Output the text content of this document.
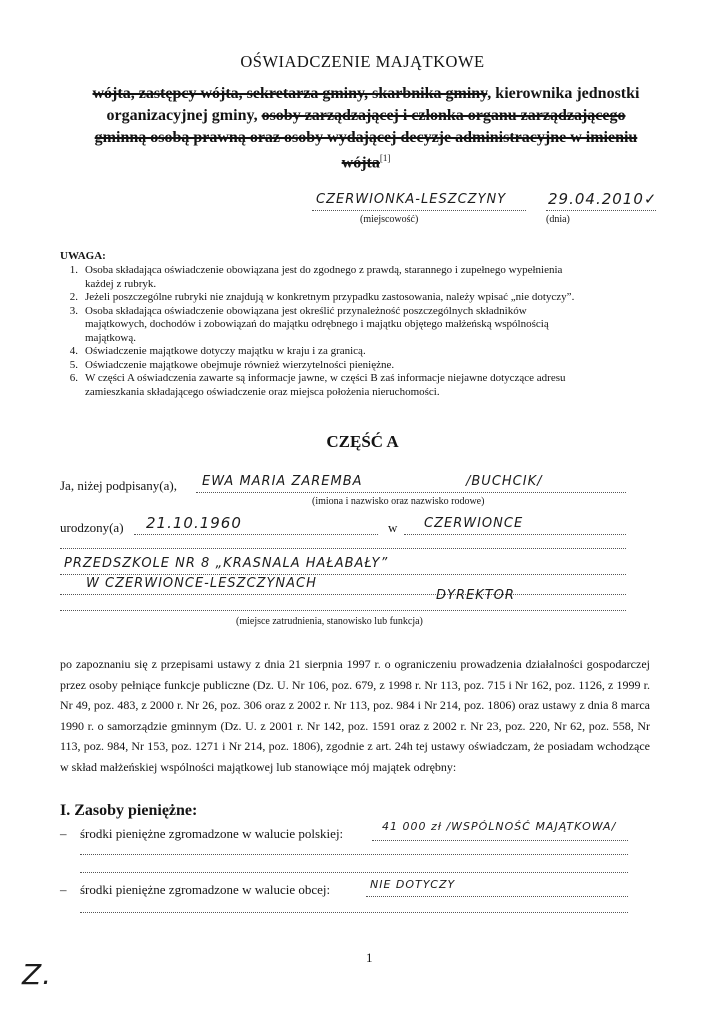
OŚWIADCZENIE MAJĄTKOWE
wójta, zastępcy wójta, sekretarza gminy, skarbnika gminy, kierownika jednostki
organizacyjnej gminy, osoby zarządzającej i członka organu zarządzającego
gminną osobą prawną oraz osoby wydającej decyzje administracyjne w imieniu
wójta[1]
CZERWIONKA-LESZCZYNY	29.04.2010✓
(miejscowość)	(dnia)
UWAGA:
1. Osoba składająca oświadczenie obowiązana jest do zgodnego z prawdą, starannego i zupełnego wypełnienia
każdej z rubryk.
2. Jeżeli poszczególne rubryki nie znajdują w konkretnym przypadku zastosowania, należy wpisać „nie dotyczy”.
3. Osoba składająca oświadczenie obowiązana jest określić przynależność poszczególnych składników
majątkowych, dochodów i zobowiązań do majątku odrębnego i majątku objętego małżeńską wspólnością
majątkową.
4. Oświadczenie majątkowe dotyczy majątku w kraju i za granicą.
5. Oświadczenie majątkowe obejmuje również wierzytelności pieniężne.
6. W części A oświadczenia zawarte są informacje jawne, w części B zaś informacje niejawne dotyczące adresu
zamieszkania składającego oświadczenie oraz miejsca położenia nieruchomości.
CZĘŚĆ A
Ja, niżej podpisany(a), EWA MARIA ZAREMBA	/BUCHCIK/
(imiona i nazwisko oraz nazwisko rodowe)
urodzony(a) 21.10.1960	w CZERWIONCE
PRZEDSZKOLE NR 8 „KRASNALA HAŁABAŁY”
W CZERWIONCE-LESZCZYNACH
DYREKTOR
(miejsce zatrudnienia, stanowisko lub funkcja)
po zapoznaniu się z przepisami ustawy z dnia 21 sierpnia 1997 r. o ograniczeniu prowadzenia działalności gospodarczej przez osoby pełniące funkcje publiczne (Dz. U. Nr 106, poz. 679, z 1998 r. Nr 113, poz. 715 i Nr 162, poz. 1126, z 1999 r. Nr 49, poz. 483, z 2000 r. Nr 26, poz. 306 oraz z 2002 r. Nr 113, poz. 984 i Nr 214, poz. 1806) oraz ustawy z dnia 8 marca 1990 r. o samorządzie gminnym (Dz. U. z 2001 r. Nr 142, poz. 1591 oraz z 2002 r. Nr 23, poz. 220, Nr 62, poz. 558, Nr 113, poz. 984, Nr 153, poz. 1271 i Nr 214, poz. 1806), zgodnie z art. 24h tej ustawy oświadczam, że posiadam wchodzące w skład małżeńskiej wspólności majątkowej lub stanowiące mój majątek odrębny:
I. Zasoby pieniężne:
– środki pieniężne zgromadzone w walucie polskiej:	41 000 zł /WSPÓLNOŚĆ MAJĄTKOWA/
– środki pieniężne zgromadzone w walucie obcej:	NIE DOTYCZY
1
Z.
